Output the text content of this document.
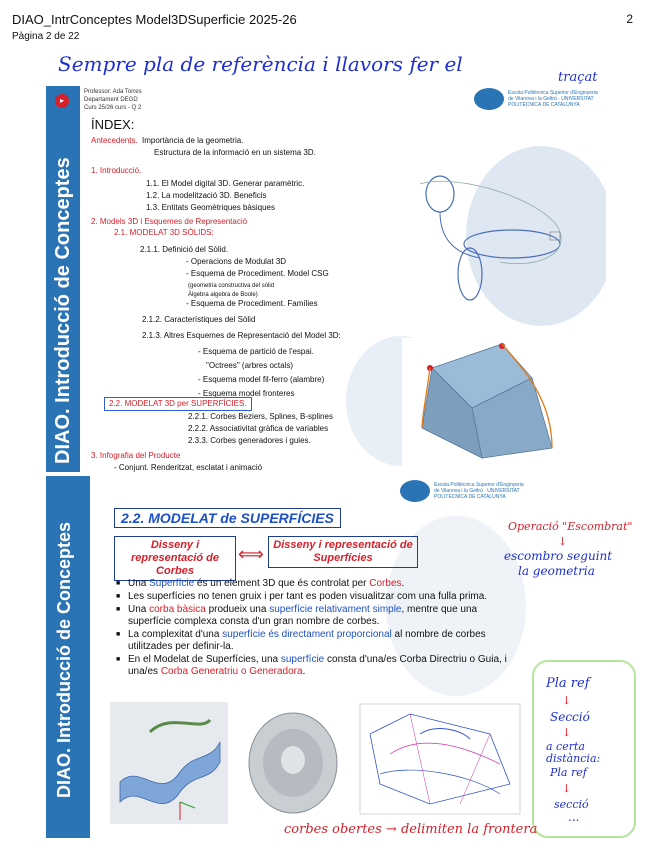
DIAO_IntrConceptes Model3DSuperficie 2025-26
Pàgina 2 de 22
2
Sempre pla de referència i llavors fer el
traçat
▸
DIAO. Introducció de Conceptes
Professor: Ada Torres
Departament DEGD
Curs 25/26 curs - Q 2
Escola Politècnica Superior d'Enginyeria de Vilanova i la Geltrú · UNIVERSITAT POLITÈCNICA DE CATALUNYA
ÍNDEX:
Antecedents. Importància de la geometria.
Estructura de la informació en un sistema 3D.
1. Introducció.
1.1. El Model digital 3D. Generar paramètric.
1.2. La modelització 3D. Beneficis
1.3. Entitats Geomètriques bàsiques
2. Models 3D i Esquemes de Representació
2.1. MODELAT 3D SÒLIDS:
2.1.1. Definició del Sòlid.
- Operacions de Modulat 3D
- Esquema de Procediment. Model CSG
(geometria constructiva del sòlid
Àlgebra algebra de Boole)
- Esquema de Procediment. Famílies
2.1.2. Característiques del Sòlid
2.1.3. Altres Esquemes de Representació del Model 3D:
- Esquema de partició de l'espai.
"Octrees" (arbres octals)
- Esquema model fil-ferro (alambre)
- Esquema model fronteres
2.2. MODELAT 3D per SUPERFÍCIES.
2.2.1. Corbes Beziers, Splines, B-splines
2.2.2. Associativitat gràfica de variables
2.3.3. Corbes generadores i guies.
3. Infografia del Producte
- Conjunt. Renderitzat, esclatat i animació
DIAO. Introducció de Conceptes
Escola Politècnica Superior d'Enginyeria de Vilanova i la Geltrú · UNIVERSITAT POLITÈCNICA DE CATALUNYA
2.2. MODELAT de SUPERFÍCIES
Disseny i representació de Corbes
⟺ Disseny i representació de Superfícies
■ Una Superfície és un element 3D que és controlat per Corbes.
■ Les superfícies no tenen gruix i per tant es poden visualitzar com una fulla prima.
■ Una corba bàsica produeix una superfície relativament simple, mentre que una superfície complexa consta d'un gran nombre de corbes.
■ La complexitat d'una superfície és directament proporcional al nombre de corbes utilitzades per definir-la.
■ En el Modelat de Superfícies, una superfície consta d'una/es Corba Directriu o Guia, i una/es Corba Generatriu o Generadora.
Operació "Escombrat"
↓
escombro seguint
la geometria
Pla ref
↓
Secció
↓
a certa
distància:
Pla ref
↓
secció
...
corbes obertes → delimiten la frontera
